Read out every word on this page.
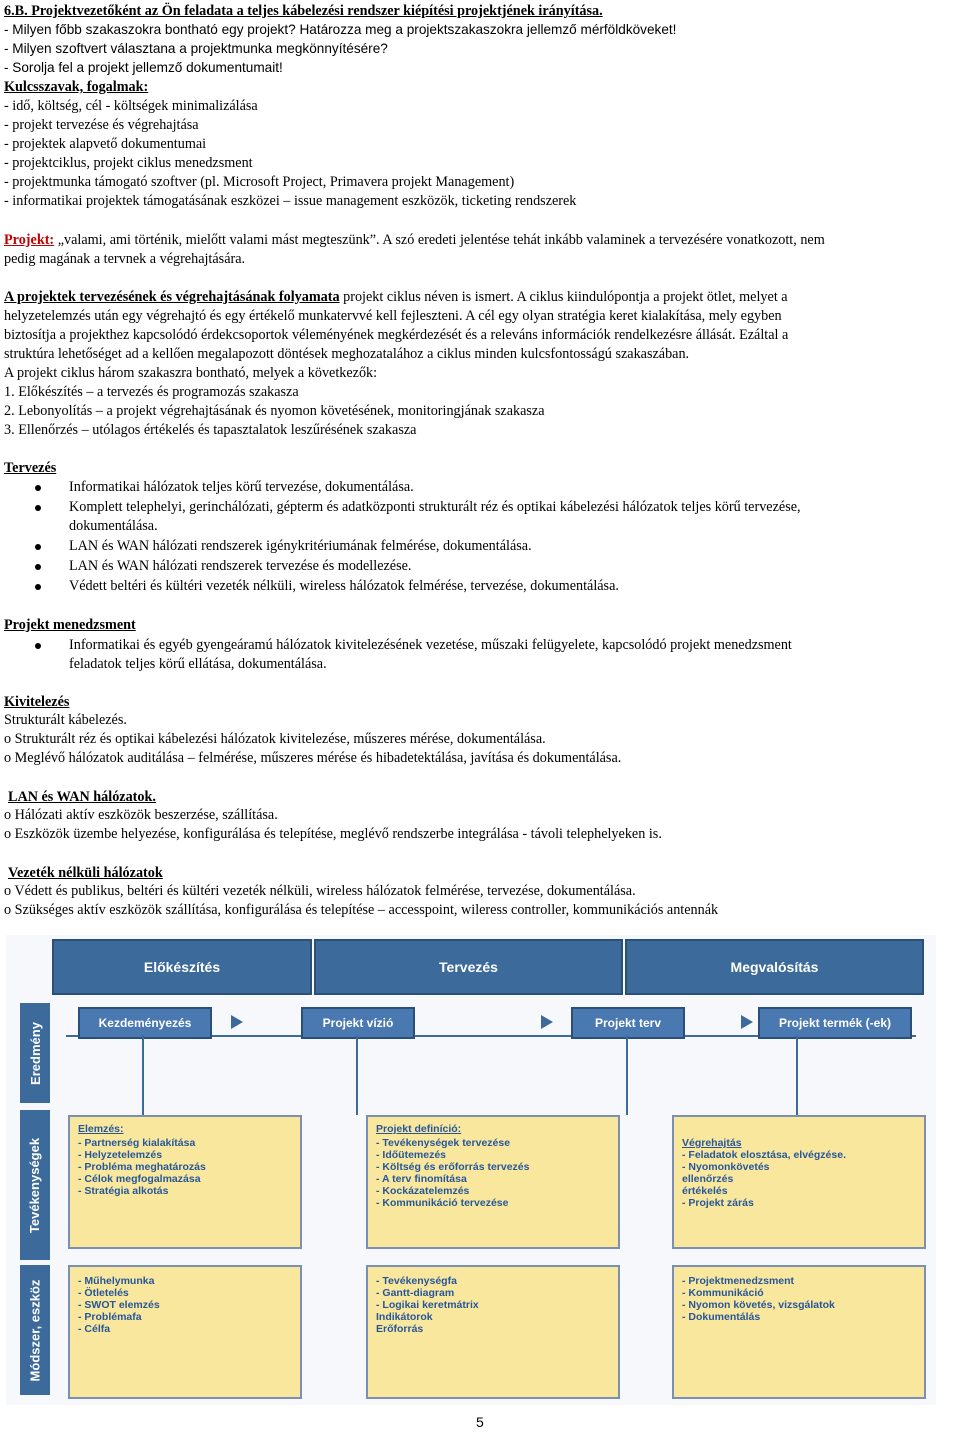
6.B. Projektvezetőként az Ön feladata a teljes kábelezési rendszer kiépítési projektjének irányítása.
- Milyen főbb szakaszokra bontható egy projekt? Határozza meg a projektszakaszokra jellemző mérföldköveket!
- Milyen szoftvert választana a projektmunka megkönnyítésére?
- Sorolja fel a projekt jellemző dokumentumait!
Kulcsszavak, fogalmak:
- idő, költség, cél - költségek minimalizálása
- projekt tervezése és végrehajtása
- projektek alapvető dokumentumai
- projektciklus, projekt ciklus menedzsment
- projektmunka támogató szoftver (pl. Microsoft Project, Primavera projekt Management)
- informatikai projektek támogatásának eszközei – issue management eszközök, ticketing rendszerek
Projekt: „valami, ami történik, mielőtt valami mást megteszünk”. A szó eredeti jelentése tehát inkább valaminek a tervezésére vonatkozott, nem
pedig magának a tervnek a végrehajtására.
A projektek tervezésének és végrehajtásának folyamata projekt ciklus néven is ismert. A ciklus kiindulópontja a projekt ötlet, melyet a
helyzetelemzés után egy végrehajtó és egy értékelő munkatervvé kell fejleszteni. A cél egy olyan stratégia keret kialakítása, mely egyben
biztosítja a projekthez kapcsolódó érdekcsoportok véleményének megkérdezését és a releváns információk rendelkezésre állását. Ezáltal a
struktúra lehetőséget ad a kellően megalapozott döntések meghozatalához a ciklus minden kulcsfontosságú szakaszában.
A projekt ciklus három szakaszra bontható, melyek a következők:
1. Előkészítés – a tervezés és programozás szakasza
2. Lebonyolítás – a projekt végrehajtásának és nyomon követésének, monitoringjának szakasza
3. Ellenőrzés – utólagos értékelés és tapasztalatok leszűrésének szakasza
Tervezés
Informatikai hálózatok teljes körű tervezése, dokumentálása.
Komplett telephelyi, gerinchálózati, gépterm és adatközponti strukturált réz és optikai kábelezési hálózatok teljes körű tervezése,
dokumentálása.
LAN és WAN hálózati rendszerek igénykritériumának felmérése, dokumentálása.
LAN és WAN hálózati rendszerek tervezése és modellezése.
Védett beltéri és kültéri vezeték nélküli, wireless hálózatok felmérése, tervezése, dokumentálása.
Projekt menedzsment
Informatikai és egyéb gyengeáramú hálózatok kivitelezésének vezetése, műszaki felügyelete, kapcsolódó projekt menedzsment
feladatok teljes körű ellátása, dokumentálása.
Kivitelezés
Strukturált kábelezés.
o Strukturált réz és optikai kábelezési hálózatok kivitelezése, műszeres mérése, dokumentálása.
o Meglévő hálózatok auditálása – felmérése, műszeres mérése és hibadetektálása, javítása és dokumentálása.
LAN és WAN hálózatok.
o Hálózati aktív eszközök beszerzése, szállítása.
o Eszközök üzembe helyezése, konfigurálása és telepítése, meglévő rendszerbe integrálása - távoli telephelyeken is.
Vezeték nélküli hálózatok
o Védett és publikus, beltéri és kültéri vezeték nélküli, wireless hálózatok felmérése, tervezése, dokumentálása.
o Szükséges aktív eszközök szállítása, konfigurálása és telepítése – accesspoint, wileress controller, kommunikációs antennák
Előkészítés	Tervezés	Megvalósítás
Eredmény
Tevékenységek
Módszer, eszköz
Kezdeményezés	Projekt vízió	Projekt terv	Projekt termék (-ek)
Elemzés:
- Partnerség kialakítása
- Helyzetelemzés
- Probléma meghatározás
- Célok megfogalmazása
- Stratégia alkotás
Projekt definíció:
- Tevékenységek tervezése
- Időütemezés
- Költség és erőforrás tervezés
- A terv finomítása
- Kockázatelemzés
- Kommunikáció tervezése
Végrehajtás
- Feladatok elosztása, elvégzése.
- Nyomonkövetés
ellenőrzés
értékelés
- Projekt zárás
- Műhelymunka
- Ötletelés
- SWOT elemzés
- Problémafa
- Célfa
- Tevékenységfa
- Gantt-diagram
- Logikai keretmátrix
Indikátorok
Erőforrás
- Projektmenedzsment
- Kommunikáció
- Nyomon követés, vizsgálatok
- Dokumentálás
5
